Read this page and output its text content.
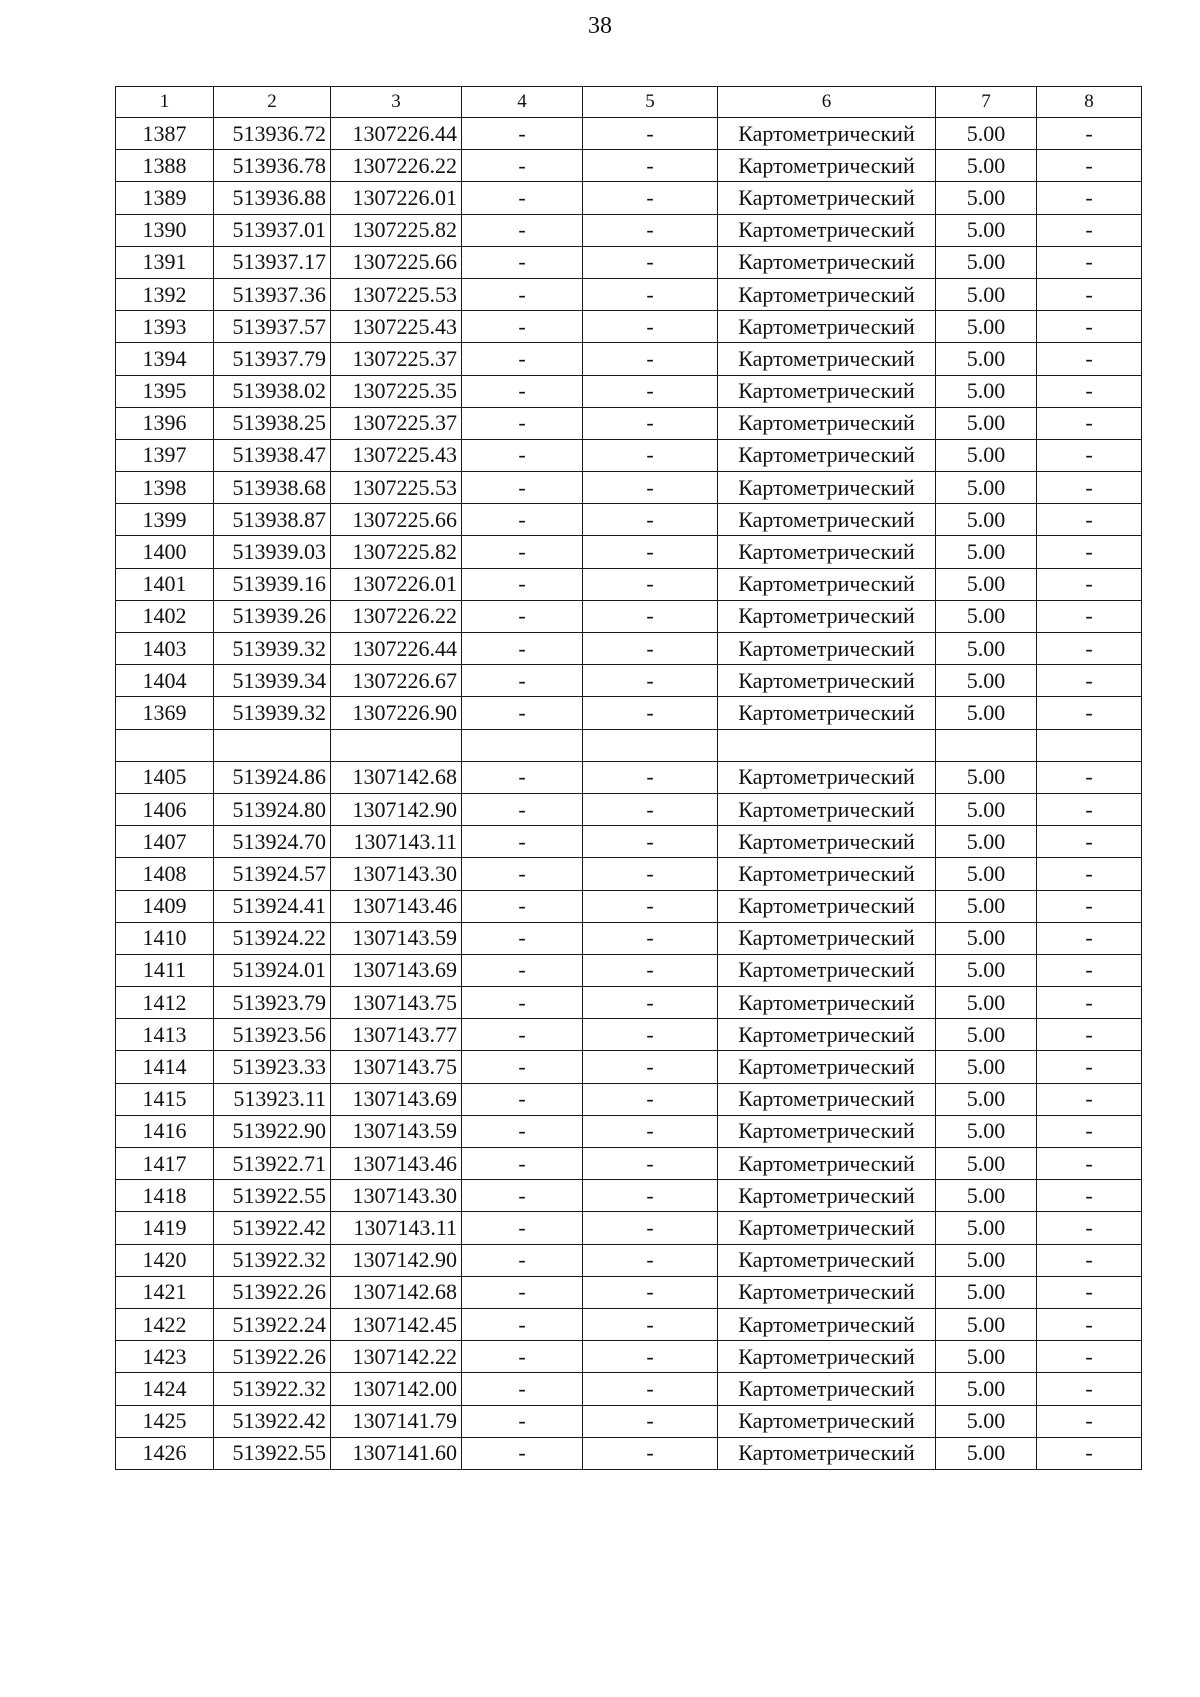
38
1	2	3	4	5	6	7	8
1387	513936.72	1307226.44	-	-	Картометрический	5.00	-
1388	513936.78	1307226.22	-	-	Картометрический	5.00	-
1389	513936.88	1307226.01	-	-	Картометрический	5.00	-
1390	513937.01	1307225.82	-	-	Картометрический	5.00	-
1391	513937.17	1307225.66	-	-	Картометрический	5.00	-
1392	513937.36	1307225.53	-	-	Картометрический	5.00	-
1393	513937.57	1307225.43	-	-	Картометрический	5.00	-
1394	513937.79	1307225.37	-	-	Картометрический	5.00	-
1395	513938.02	1307225.35	-	-	Картометрический	5.00	-
1396	513938.25	1307225.37	-	-	Картометрический	5.00	-
1397	513938.47	1307225.43	-	-	Картометрический	5.00	-
1398	513938.68	1307225.53	-	-	Картометрический	5.00	-
1399	513938.87	1307225.66	-	-	Картометрический	5.00	-
1400	513939.03	1307225.82	-	-	Картометрический	5.00	-
1401	513939.16	1307226.01	-	-	Картометрический	5.00	-
1402	513939.26	1307226.22	-	-	Картометрический	5.00	-
1403	513939.32	1307226.44	-	-	Картометрический	5.00	-
1404	513939.34	1307226.67	-	-	Картометрический	5.00	-
1369	513939.32	1307226.90	-	-	Картометрический	5.00	-

1405	513924.86	1307142.68	-	-	Картометрический	5.00	-
1406	513924.80	1307142.90	-	-	Картометрический	5.00	-
1407	513924.70	1307143.11	-	-	Картометрический	5.00	-
1408	513924.57	1307143.30	-	-	Картометрический	5.00	-
1409	513924.41	1307143.46	-	-	Картометрический	5.00	-
1410	513924.22	1307143.59	-	-	Картометрический	5.00	-
1411	513924.01	1307143.69	-	-	Картометрический	5.00	-
1412	513923.79	1307143.75	-	-	Картометрический	5.00	-
1413	513923.56	1307143.77	-	-	Картометрический	5.00	-
1414	513923.33	1307143.75	-	-	Картометрический	5.00	-
1415	513923.11	1307143.69	-	-	Картометрический	5.00	-
1416	513922.90	1307143.59	-	-	Картометрический	5.00	-
1417	513922.71	1307143.46	-	-	Картометрический	5.00	-
1418	513922.55	1307143.30	-	-	Картометрический	5.00	-
1419	513922.42	1307143.11	-	-	Картометрический	5.00	-
1420	513922.32	1307142.90	-	-	Картометрический	5.00	-
1421	513922.26	1307142.68	-	-	Картометрический	5.00	-
1422	513922.24	1307142.45	-	-	Картометрический	5.00	-
1423	513922.26	1307142.22	-	-	Картометрический	5.00	-
1424	513922.32	1307142.00	-	-	Картометрический	5.00	-
1425	513922.42	1307141.79	-	-	Картометрический	5.00	-
1426	513922.55	1307141.60	-	-	Картометрический	5.00	-
